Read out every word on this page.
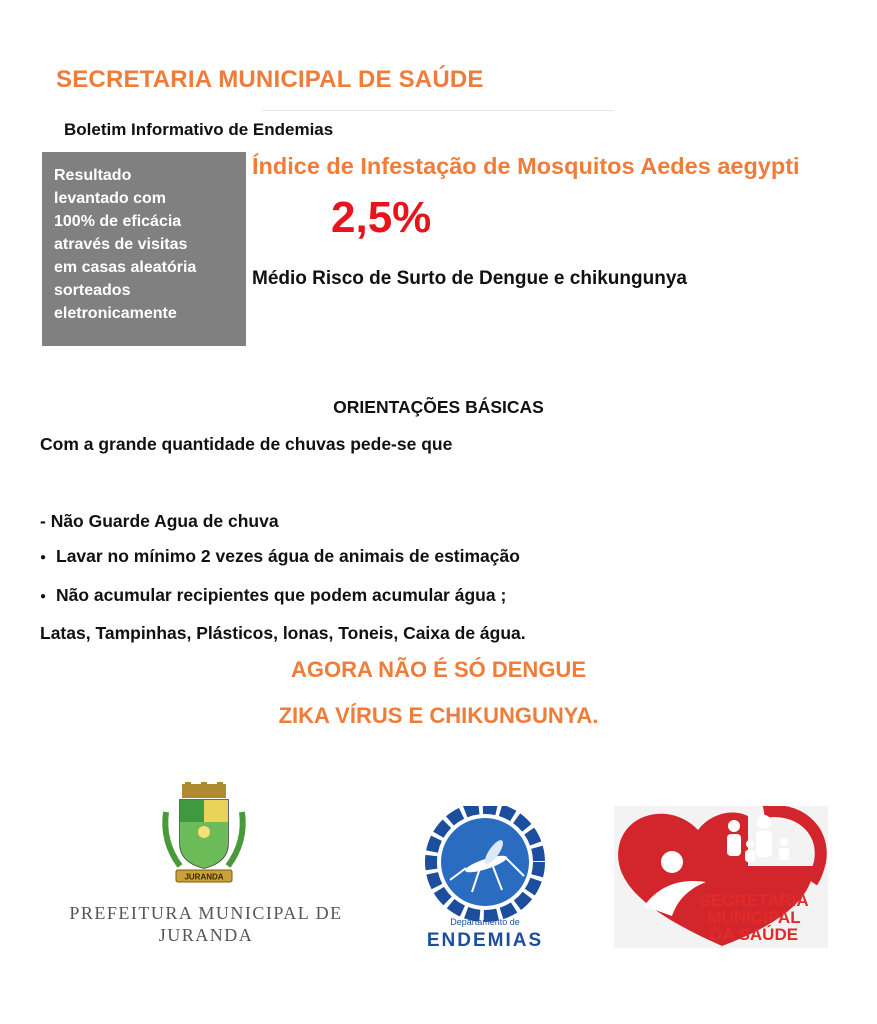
SECRETARIA MUNICIPAL DE SAÚDE
Boletim Informativo de Endemias
Resultado
levantado com
100% de eficácia
através de visitas
em casas aleatória
sorteados
eletronicamente
Índice de Infestação de Mosquitos Aedes aegypti
2,5%
Médio Risco de Surto de Dengue e chikungunya
ORIENTAÇÕES BÁSICAS
Com a grande quantidade de chuvas pede-se que
- Não Guarde Agua de chuva
● Lavar no mínimo 2 vezes água de animais de estimação
● Não acumular recipientes que podem acumular água ;
Latas, Tampinhas, Plásticos, lonas, Toneis, Caixa de água.
AGORA NÃO É SÓ DENGUE
ZIKA VÍRUS E CHIKUNGUNYA.
JURANDA
PREFEITURA MUNICIPAL DE
JURANDA
Departamento de
ENDEMIAS
SECRETARIA
MUNICIPAL
DA SAÚDE
